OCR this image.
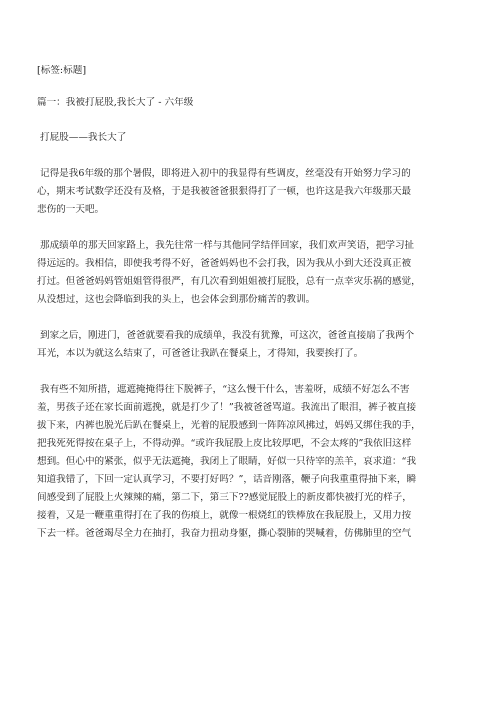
[标签:标题]
篇一：我被打屁股,我长大了 - 六年级
打屁股——我长大了
记得是我6年级的那个暑假，即将进入初中的我显得有些调皮，丝毫没有开始努力学习的
心，期末考试数学还没有及格，于是我被爸爸狠狠得打了一顿，也许这是我六年级那天最
悲伤的一天吧。
那成绩单的那天回家路上，我先往常一样与其他同学结伴回家，我们欢声笑语，把学习扯
得远远的。我相信，即使我考得不好，爸爸妈妈也不会打我，因为我从小到大还没真正被
打过。但爸爸妈妈管姐姐管得很严，有几次看到姐姐被打屁股，总有一点幸灾乐祸的感觉，
从没想过，这也会降临到我的头上，也会体会到那份痛苦的教训。
到家之后，刚进门，爸爸就要看我的成绩单，我没有犹豫，可这次，爸爸直接扇了我两个
耳光，本以为就这么结束了，可爸爸让我趴在餐桌上，才得知，我要挨打了。
我有些不知所措，遮遮掩掩得往下脱裤子，“这么慢干什么，害羞呀，成绩不好怎么不害
羞，男孩子还在家长面前遮挽，就是打少了！”我被爸爸骂道。我流出了眼泪，裤子被直接
拔下来，内裤也脱光后趴在餐桌上，光着的屁股感到一阵阵凉风拂过，妈妈又绑住我的手，
把我死死得按在桌子上，不得动弹。“或许我屁股上皮比较厚吧，不会太疼的”我依旧这样
想到。但心中的紧张，似乎无法遮掩，我闭上了眼睛，好似一只待宰的羔羊，哀求道：“我
知道我错了，下回一定认真学习，不要打好吗？”，话音刚落，鞭子向我重重得抽下来，瞬
间感受到了屁股上火辣辣的痛，第二下，第三下??感觉屁股上的新皮都快被打光的样子，
接着，又是一鞭重重得打在了我的伤痕上，就像一根烧红的铁棒放在我屁股上，又用力按
下去一样。爸爸竭尽全力在抽打，我奋力扭动身躯，撕心裂肺的哭喊着，仿佛肺里的空气
